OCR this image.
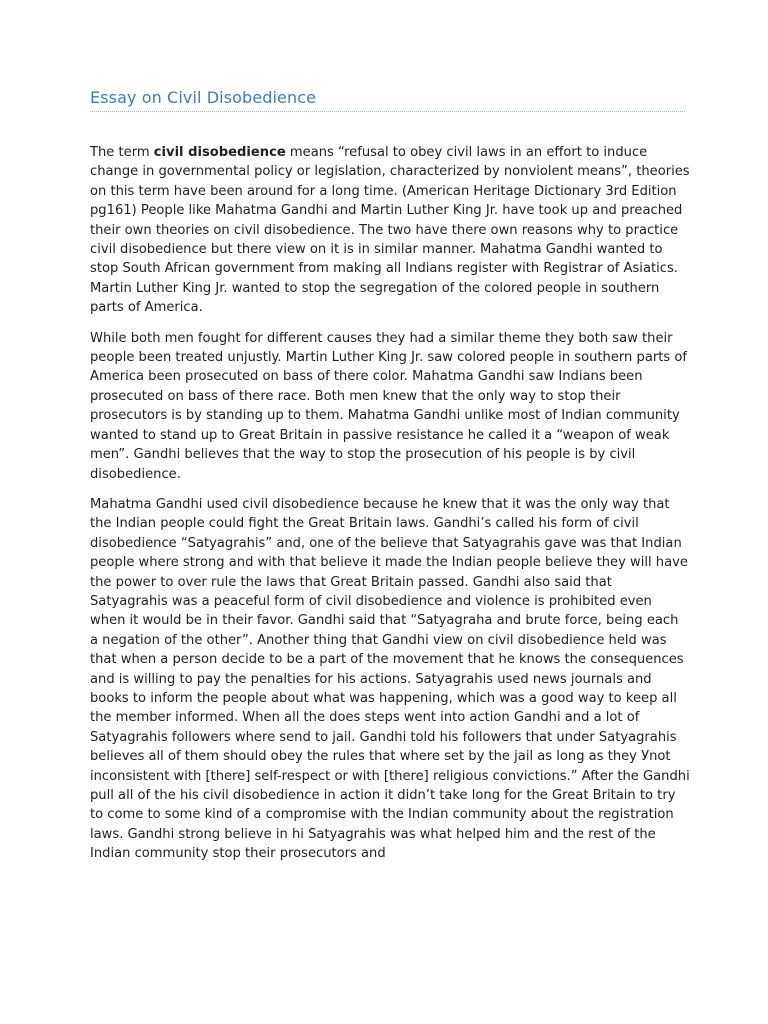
Essay on Civil Disobedience

The term civil disobedience means “refusal to obey civil laws in an effort to induce change in governmental policy or legislation, characterized by nonviolent means”, theories on this term have been around for a long time. (American Heritage Dictionary 3rd Edition pg161) People like Mahatma Gandhi and Martin Luther King Jr. have took up and preached their own theories on civil disobedience. The two have there own reasons why to practice civil disobedience but there view on it is in similar manner. Mahatma Gandhi wanted to stop South African government from making all Indians register with Registrar of Asiatics. Martin Luther King Jr. wanted to stop the segregation of the colored people in southern parts of America.

While both men fought for different causes they had a similar theme they both saw their people been treated unjustly. Martin Luther King Jr. saw colored people in southern parts of America been prosecuted on bass of there color. Mahatma Gandhi saw Indians been prosecuted on bass of there race. Both men knew that the only way to stop their prosecutors is by standing up to them. Mahatma Gandhi unlike most of Indian community wanted to stand up to Great Britain in passive resistance he called it a “weapon of weak men”. Gandhi believes that the way to stop the prosecution of his people is by civil disobedience.

Mahatma Gandhi used civil disobedience because he knew that it was the only way that the Indian people could fight the Great Britain laws. Gandhi’s called his form of civil disobedience “Satyagrahis” and, one of the believe that Satyagrahis gave was that Indian people where strong and with that believe it made the Indian people believe they will have the power to over rule the laws that Great Britain passed. Gandhi also said that Satyagrahis was a peaceful form of civil disobedience and violence is prohibited even when it would be in their favor. Gandhi said that “Satyagraha and brute force, being each a negation of the other”. Another thing that Gandhi view on civil disobedience held was that when a person decide to be a part of the movement that he knows the consequences and is willing to pay the penalties for his actions. Satyagrahis used news journals and books to inform the people about what was happening, which was a good way to keep all the member informed. When all the does steps went into action Gandhi and a lot of Satyagrahis followers where send to jail. Gandhi told his followers that under Satyagrahis believes all of them should obey the rules that where set by the jail as long as they Уnot inconsistent with [there] self-respect or with [there] religious convictions.” After the Gandhi pull all of the his civil disobedience in action it didn’t take long for the Great Britain to try to come to some kind of a compromise with the Indian community about the registration laws. Gandhi strong believe in hi Satyagrahis was what helped him and the rest of the Indian community stop their prosecutors and
